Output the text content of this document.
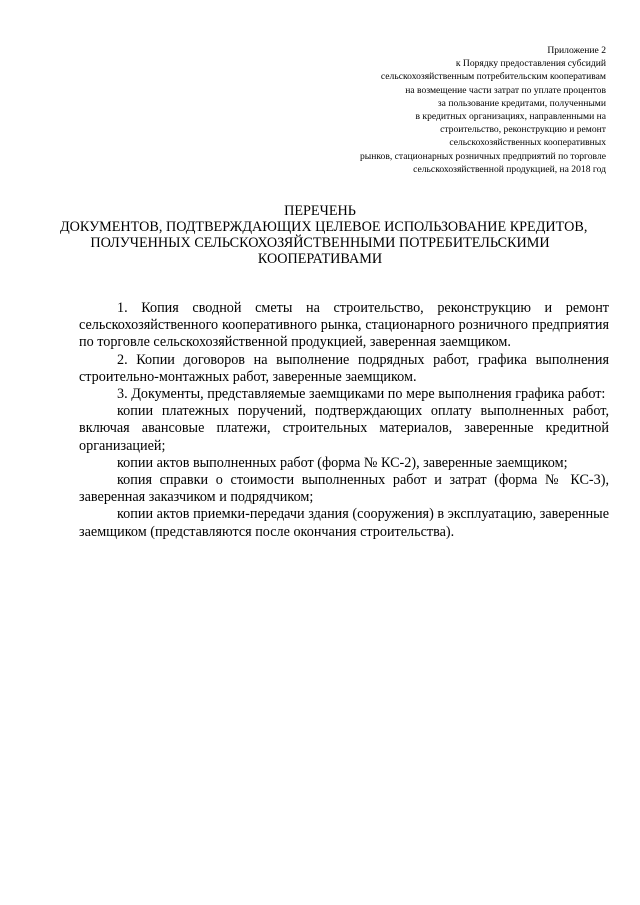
Приложение 2
к Порядку предоставления субсидий
сельскохозяйственным потребительским кооперативам
на возмещение части затрат по уплате процентов
за пользование кредитами, полученными
в кредитных организациях, направленными на
строительство, реконструкцию и ремонт
сельскохозяйственных кооперативных
рынков, стационарных розничных предприятий по торговле
сельскохозяйственной продукцией, на 2018 год
ПЕРЕЧЕНЬ
ДОКУМЕНТОВ, ПОДТВЕРЖДАЮЩИХ ЦЕЛЕВОЕ ИСПОЛЬЗОВАНИЕ КРЕДИТОВ,
ПОЛУЧЕННЫХ СЕЛЬСКОХОЗЯЙСТВЕННЫМИ ПОТРЕБИТЕЛЬСКИМИ
КООПЕРАТИВАМИ

1. Копия сводной сметы на строительство, реконструкцию и ремонт сельскохозяйственного кооперативного рынка, стационарного розничного предприятия по торговле сельскохозяйственной продукцией, заверенная заемщиком.

2. Копии договоров на выполнение подрядных работ, графика выполнения строительно-монтажных работ, заверенные заемщиком.

3. Документы, представляемые заемщиками по мере выполнения графика работ:

копии платежных поручений, подтверждающих оплату выполненных работ, включая авансовые платежи, строительных материалов, заверенные кредитной организацией;

копии актов выполненных работ (форма № КС-2), заверенные заемщиком;

копия справки о стоимости выполненных работ и затрат (форма № КС-3), заверенная заказчиком и подрядчиком;

копии актов приемки-передачи здания (сооружения) в эксплуатацию, заверенные заемщиком (представляются после окончания строительства).
